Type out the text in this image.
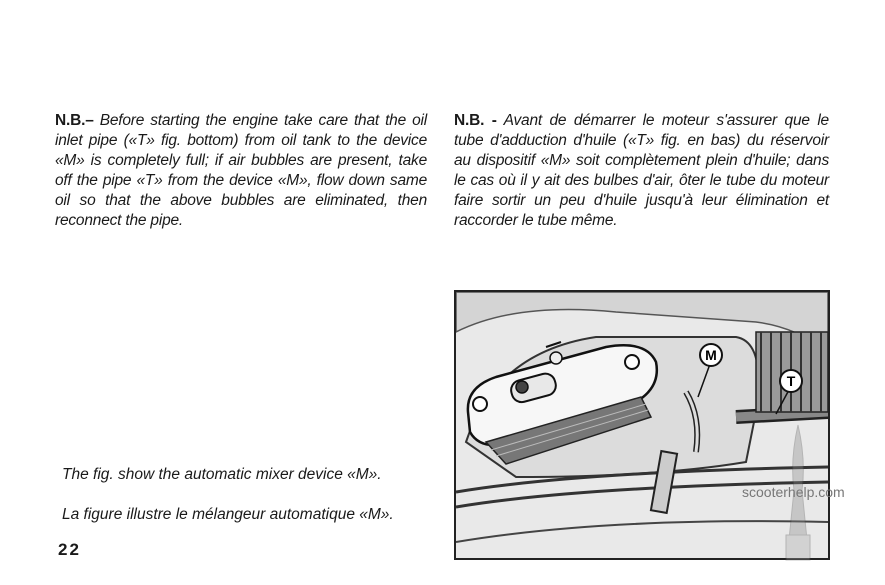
N.B.– Before starting the engine take care that the oil inlet pipe («T» fig. bottom) from oil tank to the device «M» is completely full; if air bubbles are present, take off the pipe «T» from the device «M», flow down same oil so that the above bubbles are eliminated, then reconnect the pipe.
N.B. - Avant de démarrer le moteur s'assurer que le tube d'adduction d'huile («T» fig. en bas) du réservoir au dispositif «M» soit complètement plein d'huile; dans le cas où il y ait des bulbes d'air, ôter le tube du moteur faire sortir un peu d'huile jusqu'à leur élimination et raccorder le tube même.
M
T
The fig. show the automatic mixer device «M».
La figure illustre le mélangeur automatique «M».
22
scooterhelp.com
